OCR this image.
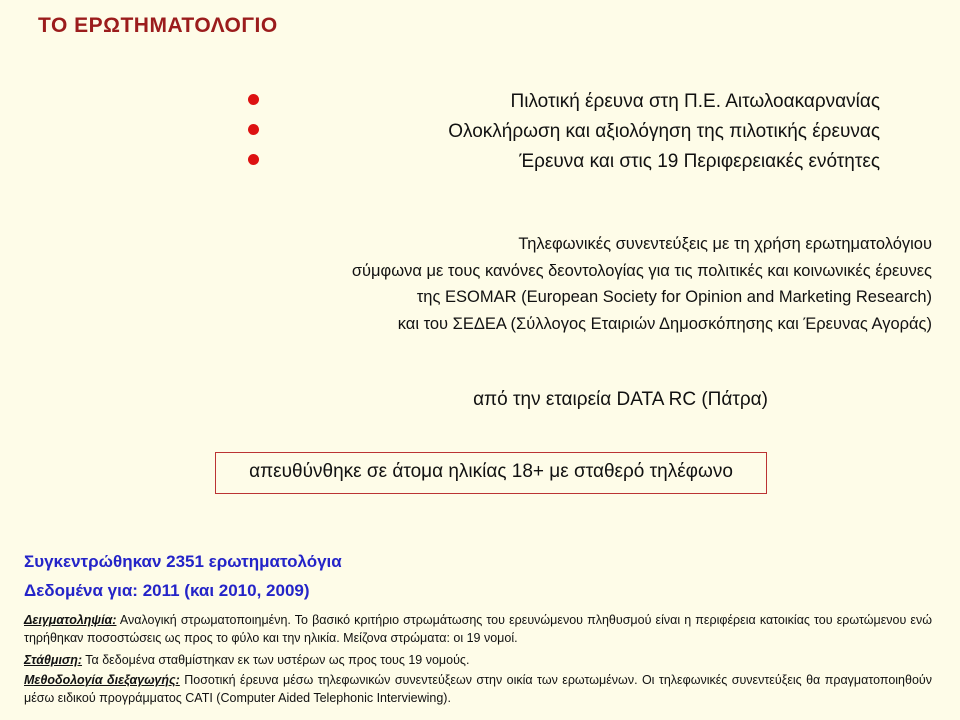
ΤΟ ΕΡΩΤΗΜΑΤΟΛΟΓΙΟ
Πιλοτική έρευνα στη Π.Ε. Αιτωλοακαρνανίας
Ολοκλήρωση και αξιολόγηση της πιλοτικής έρευνας
Έρευνα και στις 19 Περιφερειακές ενότητες
Τηλεφωνικές συνεντεύξεις με τη χρήση ερωτηματολόγιου
σύμφωνα με τους κανόνες δεοντολογίας για τις πολιτικές και κοινωνικές έρευνες
της ESOMAR (European Society for Opinion and Marketing Research)
και του ΣΕΔΕΑ (Σύλλογος Εταιριών Δημοσκόπησης και Έρευνας Αγοράς)
από την εταιρεία DATA RC (Πάτρα)
απευθύνθηκε σε άτομα ηλικίας 18+ με σταθερό τηλέφωνο
Συγκεντρώθηκαν 2351 ερωτηματολόγια
Δεδομένα για: 2011 (και 2010, 2009)
Δειγματοληψία: Αναλογική στρωματοποιημένη. Το βασικό κριτήριο στρωμάτωσης του ερευνώμενου πληθυσμού είναι η περιφέρεια κατοικίας του ερωτώμενου ενώ τηρήθηκαν ποσοστώσεις ως προς το φύλο και την ηλικία. Μείζονα στρώματα: οι 19 νομοί.
Στάθμιση: Τα δεδομένα σταθμίστηκαν εκ των υστέρων ως προς τους 19 νομούς.
Μεθοδολογία διεξαγωγής: Ποσοτική έρευνα μέσω τηλεφωνικών συνεντεύξεων στην οικία των ερωτωμένων. Οι τηλεφωνικές συνεντεύξεις θα πραγματοποιηθούν μέσω ειδικού προγράμματος CATI (Computer Aided Telephonic Interviewing).
